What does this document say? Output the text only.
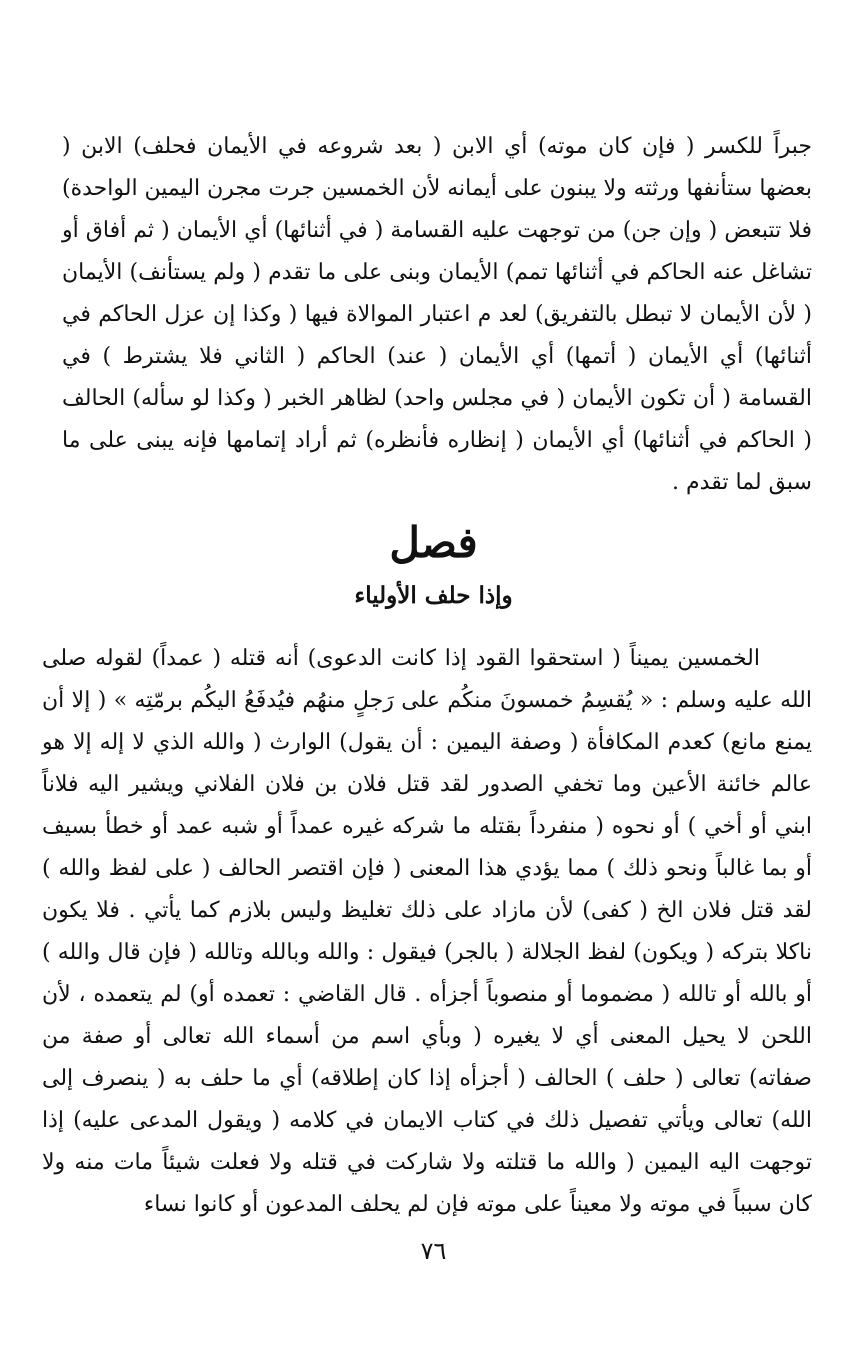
جبراً للكسر ( فإن كان موته) أي الابن ( بعد شروعه في الأيمان فحلف) الابن ( بعضها ستأنفها ورثته ولا يبنون على أيمانه لأن الخمسين جرت مجرن اليمين الواحدة) فلا تتبعض ( وإن جن) من توجهت عليه القسامة ( في أثنائها) أي الأيمان ( ثم أفاق أو تشاغل عنه الحاكم في أثنائها تمم) الأيمان وبنى على ما تقدم ( ولم يستأنف) الأيمان ( لأن الأيمان لا تبطل بالتفريق) لعد م اعتبار الموالاة فيها ( وكذا إن عزل الحاكم في أثنائها) أي الأيمان ( أتمها) أي الأيمان ( عند) الحاكم ( الثاني فلا يشترط ) في القسامة ( أن تكون الأيمان ( في مجلس واحد) لظاهر الخبر ( وكذا لو سأله) الحالف ( الحاكم في أثنائها) أي الأيمان ( إنظاره فأنظره) ثم أراد إتمامها فإنه يبنى على ما سبق لما تقدم .

فصل
وإذا حلف الأولياء

الخمسين يميناً ( استحقوا القود إذا كانت الدعوى) أنه قتله ( عمداً) لقوله صلى الله عليه وسلم : « يُقسِمُ خمسونَ منكُم على رَجلٍ منهُم فيُدفَعُ اليكُم برمّتِه » ( إلا أن يمنع مانع) كعدم المكافأة ( وصفة اليمين : أن يقول) الوارث ( والله الذي لا إله إلا هو عالم خائنة الأعين وما تخفي الصدور لقد قتل فلان بن فلان الفلاني ويشير اليه فلاناً ابني أو أخي ) أو نحوه ( منفرداً بقتله ما شركه غيره عمداً أو شبه عمد أو خطأ بسيف أو بما غالباً ونحو ذلك ) مما يؤدي هذا المعنى ( فإن اقتصر الحالف ( على لفظ والله ) لقد قتل فلان الخ ( كفى) لأن مازاد على ذلك تغليظ وليس بلازم كما يأتي . فلا يكون ناكلا بتركه ( ويكون) لفظ الجلالة ( بالجر) فيقول : والله وبالله وتالله ( فإن قال والله ) أو بالله أو تالله ( مضموما أو منصوباً أجزأه . قال القاضي : تعمده أو) لم يتعمده ، لأن اللحن لا يحيل المعنى أي لا يغيره ( وبأي اسم من أسماء الله تعالى أو صفة من صفاته) تعالى ( حلف ) الحالف ( أجزأه إذا كان إطلاقه) أي ما حلف به ( ينصرف إلى الله) تعالى ويأتي تفصيل ذلك في كتاب الايمان في كلامه ( ويقول المدعى عليه) إذا توجهت اليه اليمين ( والله ما قتلته ولا شاركت في قتله ولا فعلت شيئاً مات منه ولا كان سبباً في موته ولا معيناً على موته فإن لم يحلف المدعون أو كانوا نساء

٧٦
